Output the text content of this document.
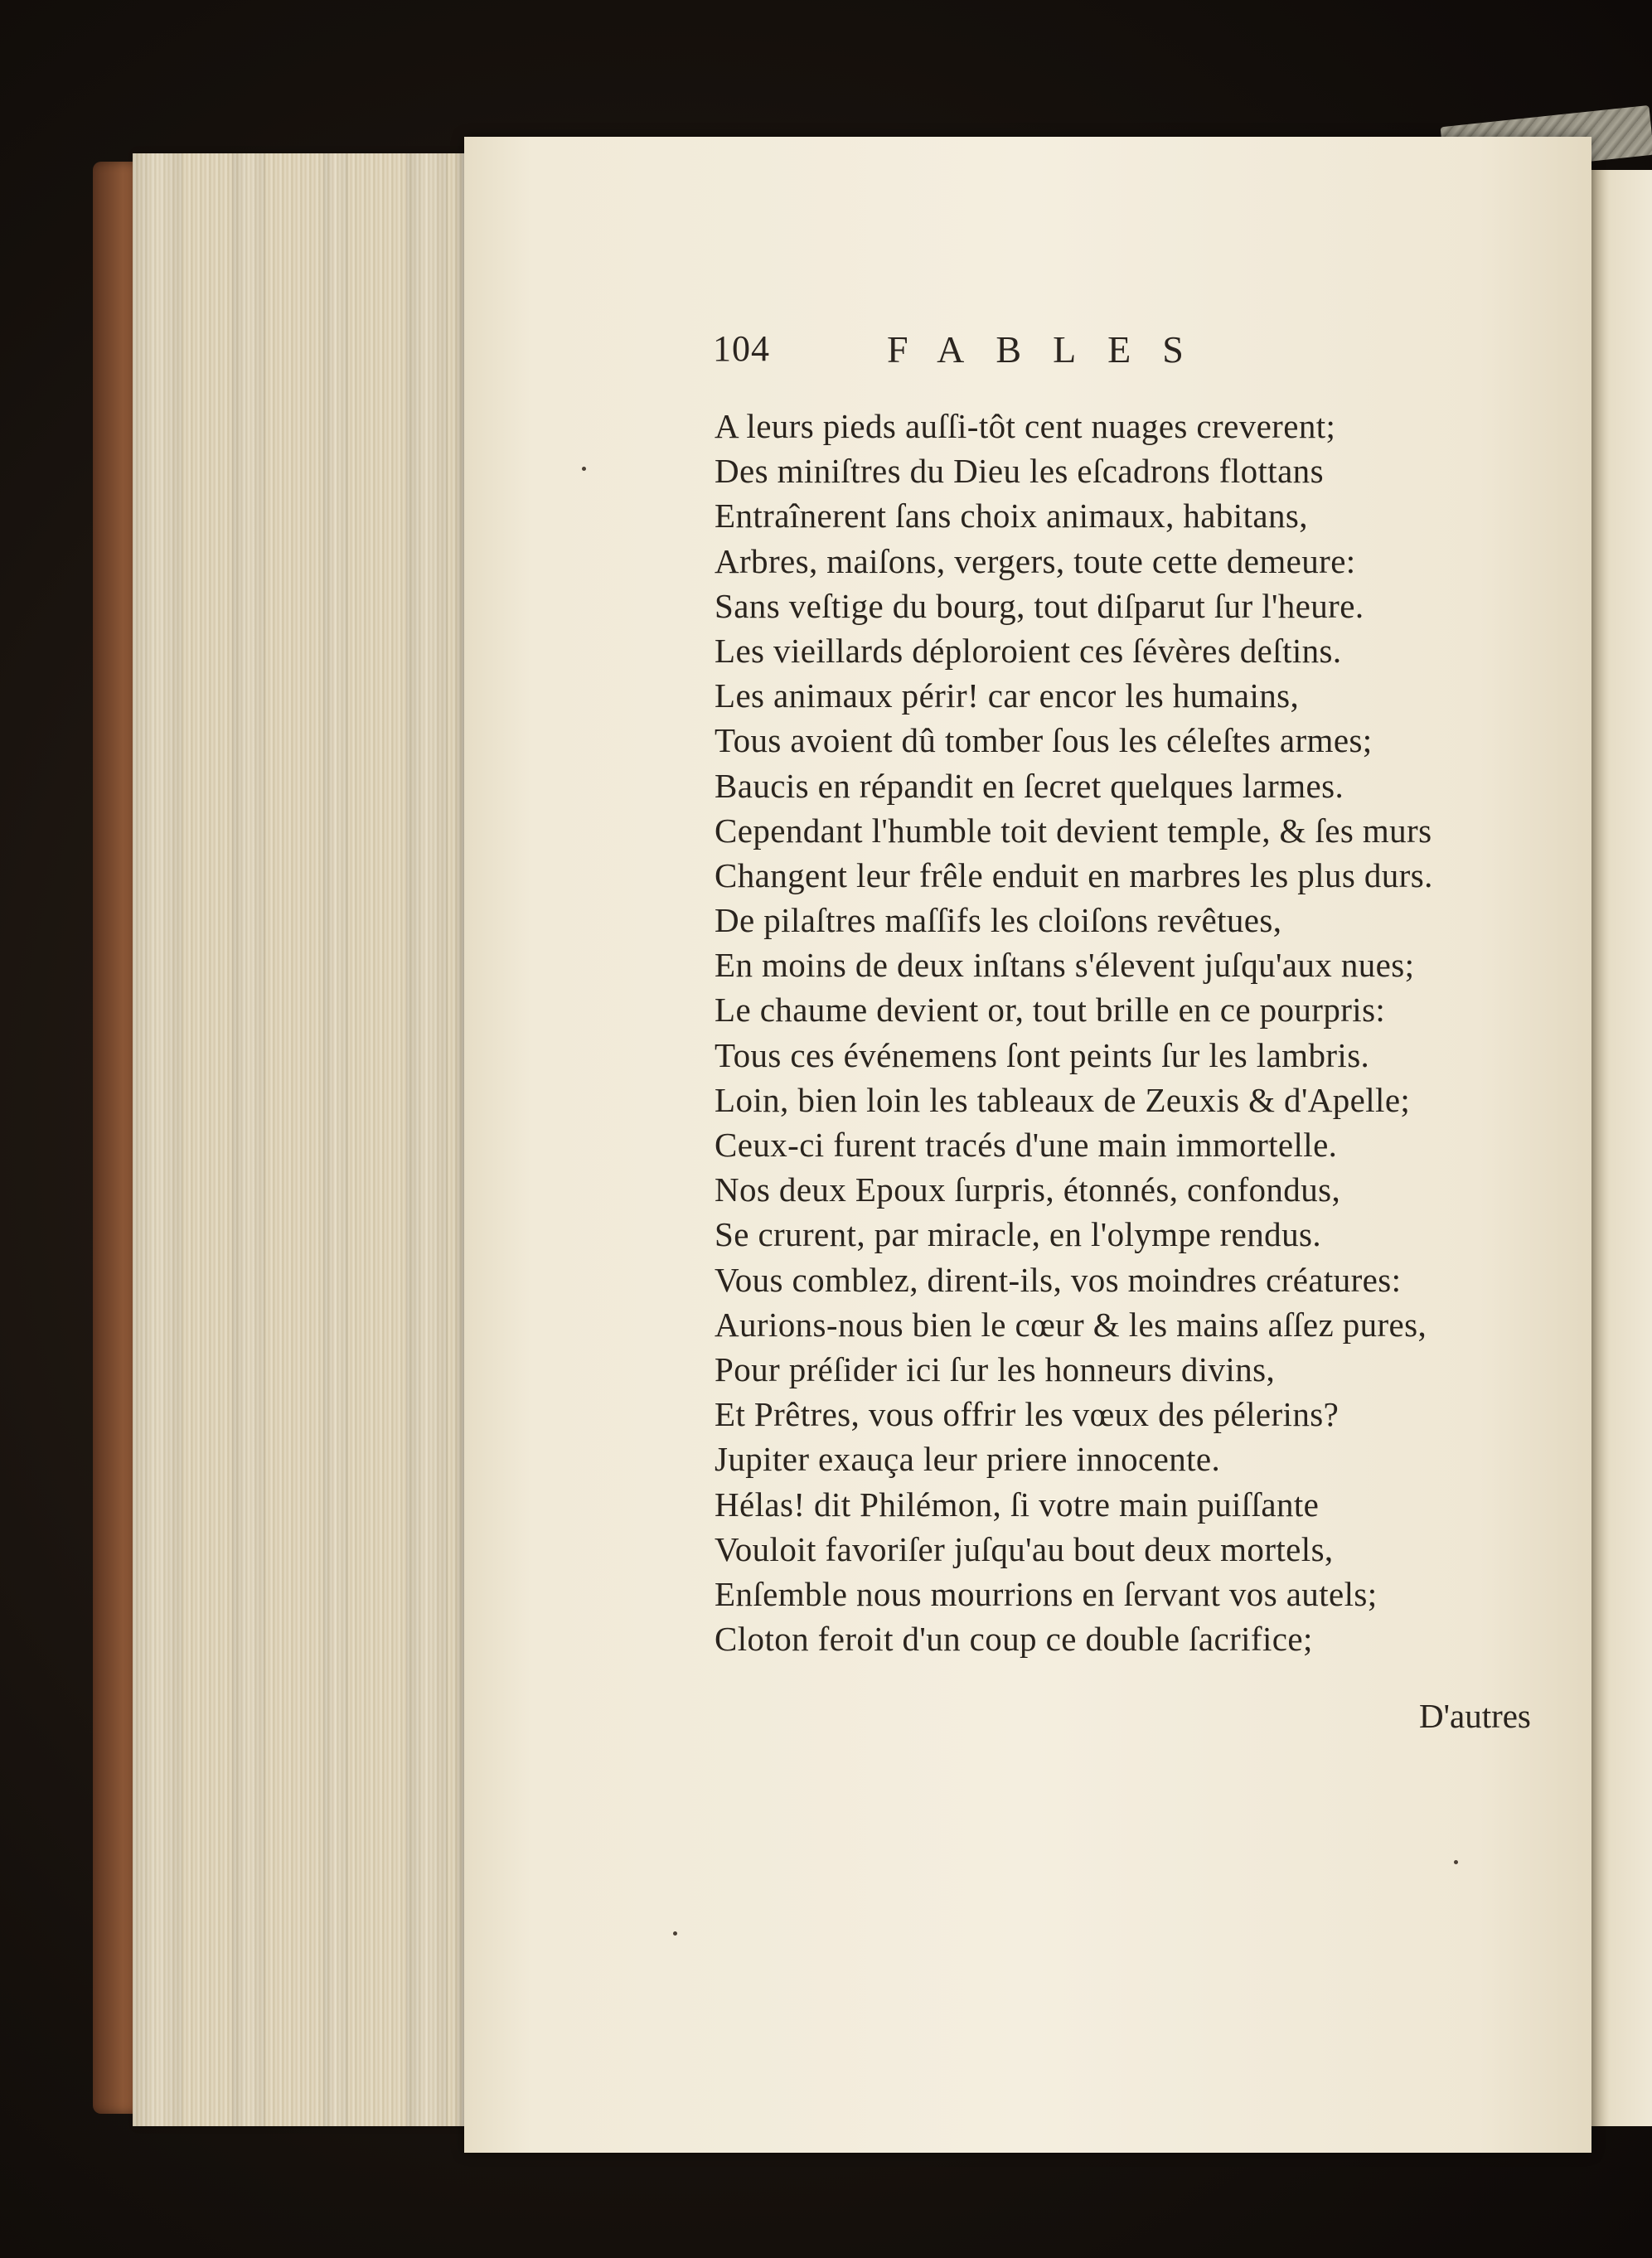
104	FABLES
A leurs pieds auſſi-tôt cent nuages creverent;
Des miniſtres du Dieu les eſcadrons flottans
Entraînerent ſans choix animaux, habitans,
Arbres, maiſons, vergers, toute cette demeure:
Sans veſtige du bourg, tout diſparut ſur l'heure.
Les vieillards déploroient ces ſévères deſtins.
Les animaux périr! car encor les humains,
Tous avoient dû tomber ſous les céleſtes armes;
Baucis en répandit en ſecret quelques larmes.
Cependant l'humble toit devient temple, & ſes murs
Changent leur frêle enduit en marbres les plus durs.
De pilaſtres maſſifs les cloiſons revêtues,
En moins de deux inſtans s'élevent juſqu'aux nues;
Le chaume devient or, tout brille en ce pourpris:
Tous ces événemens ſont peints ſur les lambris.
Loin, bien loin les tableaux de Zeuxis & d'Apelle;
Ceux-ci furent tracés d'une main immortelle.
Nos deux Epoux ſurpris, étonnés, confondus,
Se crurent, par miracle, en l'olympe rendus.
Vous comblez, dirent-ils, vos moindres créatures:
Aurions-nous bien le cœur & les mains aſſez pures,
Pour préſider ici ſur les honneurs divins,
Et Prêtres, vous offrir les vœux des pélerins?
Jupiter exauça leur priere innocente.
Hélas! dit Philémon, ſi votre main puiſſante
Vouloit favoriſer juſqu'au bout deux mortels,
Enſemble nous mourrions en ſervant vos autels;
Cloton feroit d'un coup ce double ſacrifice;
D'autres
